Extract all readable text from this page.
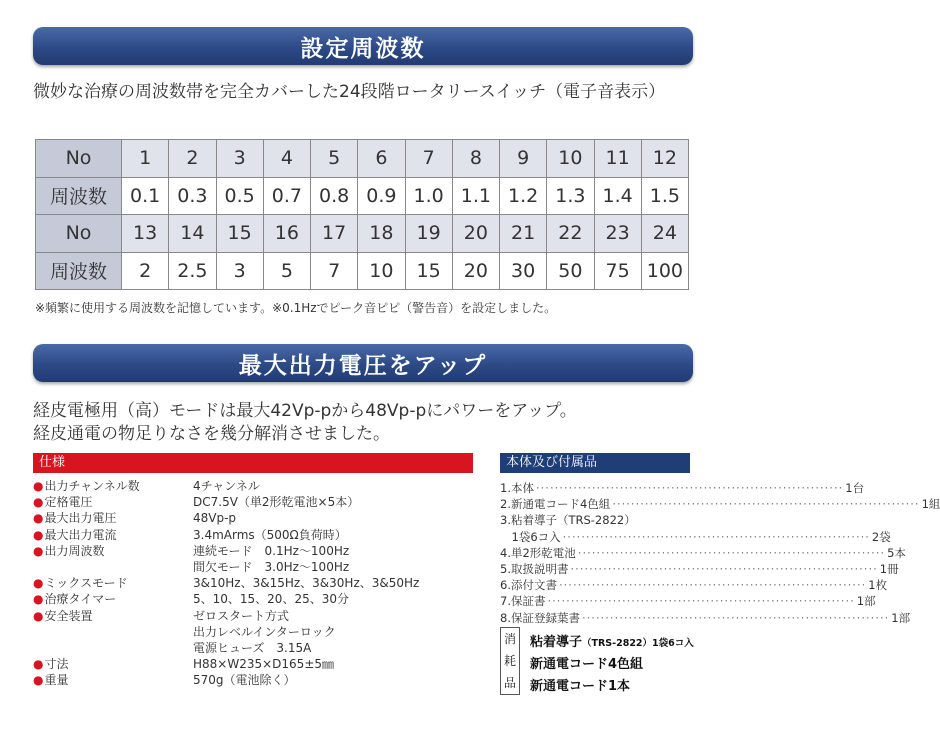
設定周波数
微妙な治療の周波数帯を完全カバーした24段階ロータリースイッチ（電子音表示）
No	1	2	3	4	5	6	7	8	9	10	11	12
周波数	0.1	0.3	0.5	0.7	0.8	0.9	1.0	1.1	1.2	1.3	1.4	1.5
No	13	14	15	16	17	18	19	20	21	22	23	24
周波数	2	2.5	3	5	7	10	15	20	30	50	75	100
※頻繁に使用する周波数を記憶しています。※0.1Hzでピーク音ピピ（警告音）を設定しました。
最大出力電圧をアップ
経皮電極用（高）モードは最大42Vp-pから48Vp-pにパワーをアップ。
経皮通電の物足りなさを幾分解消させました。
仕様	本体及び付属品
●出力チャンネル数	4チャンネル
●定格電圧	DC7.5V（単2形乾電池×5本）
●最大出力電圧	48Vp-p
●最大出力電流	3.4mArms（500Ω負荷時）
●出力周波数	連続モード　0.1Hz～100Hz
間欠モード　3.0Hz～100Hz
●ミックスモード	3&10Hz、3&15Hz、3&30Hz、3&50Hz
●治療タイマー	5、10、15、20、25、30分
●安全装置	ゼロスタート方式
出力レベルインターロック
電源ヒューズ　3.15A
●寸法	H88×W235×D165±5㎜
●重量	570g（電池除く）
1.本体 ·································································· 1台
2.新通電コード4色組 ·································································· 1組
3.粘着導子（TRS-2822）
　1袋6コ入 ·································································· 2袋
4.単2形乾電池 ·································································· 5本
5.取扱説明書 ·································································· 1冊
6.添付文書 ·································································· 1枚
7.保証書 ·································································· 1部
8.保証登録葉書 ·································································· 1部
消
耗
品
粘着導子（TRS-2822）1袋6コ入
新通電コード4色組
新通電コード1本
